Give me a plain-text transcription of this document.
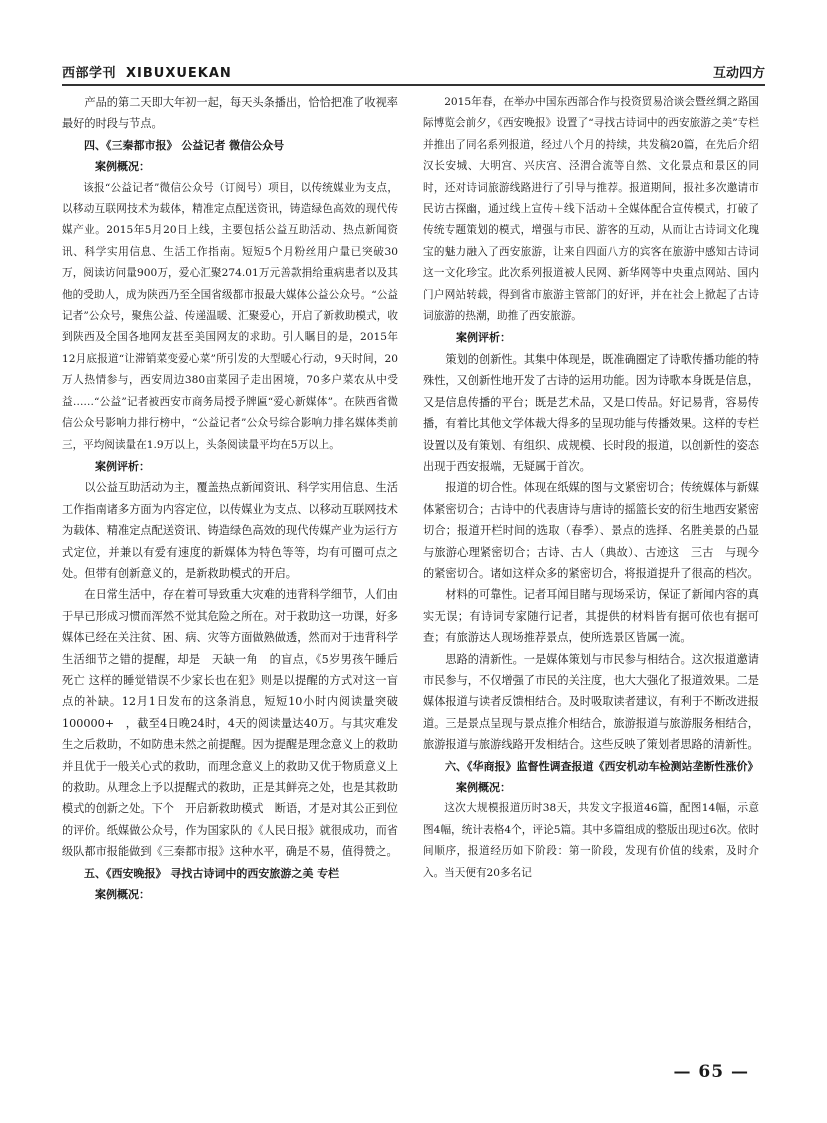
西部学刊 XIBUXUEKAN	互动四方

产品的第二天即大年初一起，每天头条播出，恰恰把准了收视率最好的时段与节点。

四、《三秦都市报》 公益记者 微信公众号

案例概况：

该报“公益记者”微信公众号（订阅号）项目，以传统媒业为支点，以移动互联网技术为载体，精准定点配送资讯，铸造绿色高效的现代传媒产业。2015年5月20日上线，主要包括公益互助活动、热点新闻资讯、科学实用信息、生活工作指南。短短5个月粉丝用户量已突破30万，阅读访问量900万，爱心汇聚274.01万元善款捐给重病患者以及其他的受助人，成为陕西乃至全国省级都市报最大媒体公益公众号。“公益记者”公众号，聚焦公益、传递温暖、汇聚爱心，开启了新救助模式，收到陕西及全国各地网友甚至美国网友的求助。引人瞩目的是，2015年12月底报道“让滞销菜变爱心菜”所引发的大型暖心行动，9天时间，20万人热情参与，西安周边380亩菜园子走出困境，70多户菜农从中受益……“公益”记者被西安市商务局授予牌匾“爱心新媒体”。在陕西省微信公众号影响力排行榜中，“公益记者”公众号综合影响力排名媒体类前三，平均阅读量在1.9万以上，头条阅读量平均在5万以上。

案例评析：

以公益互助活动为主，覆盖热点新闻资讯、科学实用信息、生活工作指南诸多方面为内容定位，以传媒业为支点、以移动互联网技术为载体、精准定点配送资讯、铸造绿色高效的现代传媒产业为运行方式定位，并兼以有爱有速度的新媒体为特色等等，均有可圈可点之处。但带有创新意义的，是新救助模式的开启。

在日常生活中，存在着可导致重大灾难的违背科学细节，人们由于早已形成习惯而浑然不觉其危险之所在。对于救助这一功课，好多媒体已经在关注贫、困、病、灾等方面做熟做透，然而对于违背科学生活细节之错的提醒，却是　天缺一角　的盲点，《5岁男孩午睡后死亡 这样的睡觉错误不少家长也在犯》则是以提醒的方式对这一盲点的补缺。12月1日发布的这条消息，短短10小时内阅读量突破　100000+　，截至4日晚24时，4天的阅读量达40万。与其灾难发生之后救助，不如防患未然之前提醒。因为提醒是理念意义上的救助并且优于一般关心式的救助，而理念意义上的救助又优于物质意义上的救助。从理念上予以提醒式的救助，正是其鲜亮之处，也是其救助模式的创新之处。下个　开启新救助模式　断语，才是对其公正到位的评价。纸媒做公众号，作为国家队的《人民日报》就很成功，而省级队都市报能做到《三秦都市报》这种水平，确是不易，值得赞之。

五、《西安晚报》 寻找古诗词中的西安旅游之美 专栏

案例概况：

2015年春，在举办中国东西部合作与投资贸易洽谈会暨丝绸之路国际博览会前夕，《西安晚报》设置了“寻找古诗词中的西安旅游之美”专栏并推出了同名系列报道，经过八个月的持续，共发稿20篇，在先后介绍汉长安城、大明宫、兴庆宫、泾渭合流等自然、文化景点和景区的同时，还对诗词旅游线路进行了引导与推荐。报道期间，报社多次邀请市民访古探幽，通过线上宣传＋线下活动＋全媒体配合宣传模式，打破了传统专题策划的模式，增强与市民、游客的互动，从而让古诗词文化瑰宝的魅力融入了西安旅游，让来自四面八方的宾客在旅游中感知古诗词这一文化珍宝。此次系列报道被人民网、新华网等中央重点网站、国内门户网站转载，得到省市旅游主管部门的好评，并在社会上掀起了古诗词旅游的热潮，助推了西安旅游。

案例评析：

策划的创新性。其集中体现是，既准确圈定了诗歌传播功能的特殊性，又创新性地开发了古诗的运用功能。因为诗歌本身既是信息，又是信息传播的平台；既是艺术品，又是口传品。好记易背，容易传播，有着比其他文学体裁大得多的呈现功能与传播效果。这样的专栏设置以及有策划、有组织、成规模、长时段的报道，以创新性的姿态出现于西安报端，无疑属于首次。

报道的切合性。体现在纸媒的图与文紧密切合；传统媒体与新媒体紧密切合；古诗中的代表唐诗与唐诗的摇篮长安的衍生地西安紧密切合；报道开栏时间的选取（春季）、景点的选择、名胜美景的凸显与旅游心理紧密切合；古诗、古人（典故）、古迹这　三古　与现今的紧密切合。诸如这样众多的紧密切合，将报道提升了很高的档次。

材料的可靠性。记者耳闻目睹与现场采访，保证了新闻内容的真实无误；有诗词专家随行记者，其提供的材料皆有据可依也有据可查；有旅游达人现场推荐景点，使所选景区皆属一流。

思路的清新性。一是媒体策划与市民参与相结合。这次报道邀请市民参与，不仅增强了市民的关注度，也大大强化了报道效果。二是媒体报道与读者反馈相结合。及时吸取读者建议，有利于不断改进报道。三是景点呈现与景点推介相结合，旅游报道与旅游服务相结合，旅游报道与旅游线路开发相结合。这些反映了策划者思路的清新性。

六、《华商报》监督性调查报道《西安机动车检测站垄断性涨价》

案例概况：

这次大规模报道历时38天，共发文字报道46篇，配图14幅，示意图4幅，统计表格4个，评论5篇。其中多篇组成的整版出现过6次。依时间顺序，报道经历如下阶段：第一阶段，发现有价值的线索，及时介入。当天便有20多名记

— 65 —
